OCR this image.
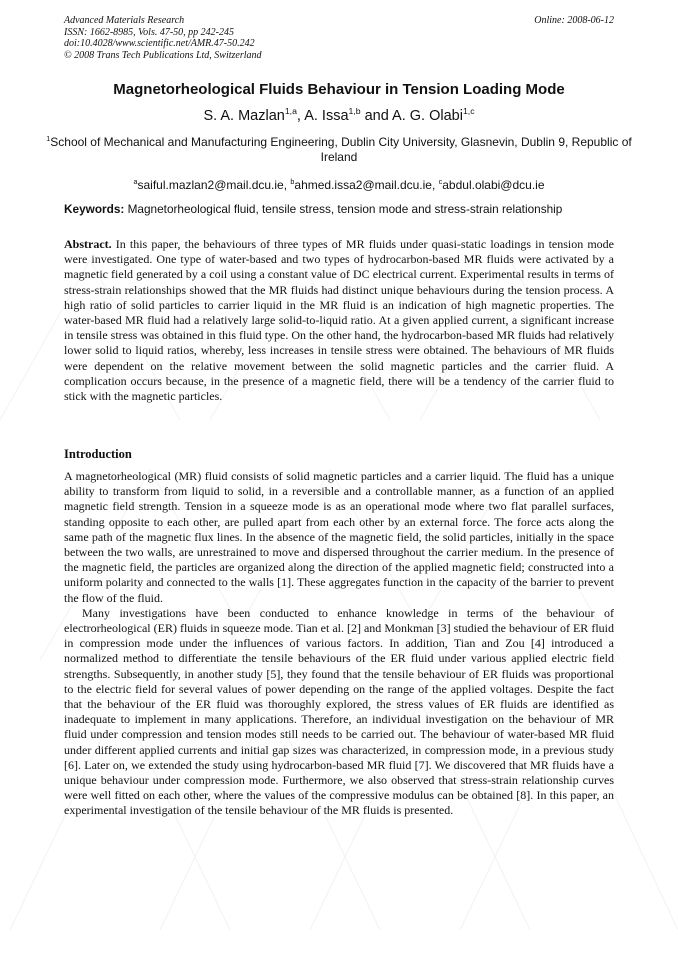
Advanced Materials Research
ISSN: 1662-8985, Vols. 47-50, pp 242-245
doi:10.4028/www.scientific.net/AMR.47-50.242
© 2008 Trans Tech Publications Ltd, Switzerland
Online: 2008-06-12
Magnetorheological Fluids Behaviour in Tension Loading Mode
S. A. Mazlan$^{1,a}$, A. Issa$^{1,b}$ and A. G. Olabi$^{1,c}$
$^1$School of Mechanical and Manufacturing Engineering, Dublin City University, Glasnevin, Dublin 9, Republic of Ireland
$^a$saiful.mazlan2@mail.dcu.ie, $^b$ahmed.issa2@mail.dcu.ie, $^c$abdul.olabi@dcu.ie
Keywords: Magnetorheological fluid, tensile stress, tension mode and stress-strain relationship
Abstract. In this paper, the behaviours of three types of MR fluids under quasi-static loadings in tension mode were investigated. One type of water-based and two types of hydrocarbon-based MR fluids were activated by a magnetic field generated by a coil using a constant value of DC electrical current. Experimental results in terms of stress-strain relationships showed that the MR fluids had distinct unique behaviours during the tension process. A high ratio of solid particles to carrier liquid in the MR fluid is an indication of high magnetic properties. The water-based MR fluid had a relatively large solid-to-liquid ratio. At a given applied current, a significant increase in tensile stress was obtained in this fluid type. On the other hand, the hydrocarbon-based MR fluids had relatively lower solid to liquid ratios, whereby, less increases in tensile stress were obtained. The behaviours of MR fluids were dependent on the relative movement between the solid magnetic particles and the carrier fluid. A complication occurs because, in the presence of a magnetic field, there will be a tendency of the carrier fluid to stick with the magnetic particles.
Introduction

A magnetorheological (MR) fluid consists of solid magnetic particles and a carrier liquid. The fluid has a unique ability to transform from liquid to solid, in a reversible and a controllable manner, as a function of an applied magnetic field strength. Tension in a squeeze mode is as an operational mode where two flat parallel surfaces, standing opposite to each other, are pulled apart from each other by an external force. The force acts along the same path of the magnetic flux lines. In the absence of the magnetic field, the solid particles, initially in the space between the two walls, are unrestrained to move and dispersed throughout the carrier medium. In the presence of the magnetic field, the particles are organized along the direction of the applied magnetic field; constructed into a uniform polarity and connected to the walls [1]. These aggregates function in the capacity of the barrier to prevent the flow of the fluid.

Many investigations have been conducted to enhance knowledge in terms of the behaviour of electrorheological (ER) fluids in squeeze mode. Tian et al. [2] and Monkman [3] studied the behaviour of ER fluid in compression mode under the influences of various factors. In addition, Tian and Zou [4] introduced a normalized method to differentiate the tensile behaviours of the ER fluid under various applied electric field strengths. Subsequently, in another study [5], they found that the tensile behaviour of ER fluids was proportional to the electric field for several values of power depending on the range of the applied voltages. Despite the fact that the behaviour of the ER fluid was thoroughly explored, the stress values of ER fluids are identified as inadequate to implement in many applications. Therefore, an individual investigation on the behaviour of MR fluid under compression and tension modes still needs to be carried out. The behaviour of water-based MR fluid under different applied currents and initial gap sizes was characterized, in compression mode, in a previous study [6]. Later on, we extended the study using hydrocarbon-based MR fluid [7]. We discovered that MR fluids have a unique behaviour under compression mode. Furthermore, we also observed that stress-strain relationship curves were well fitted on each other, where the values of the compressive modulus can be obtained [8]. In this paper, an experimental investigation of the tensile behaviour of the MR fluids is presented.
